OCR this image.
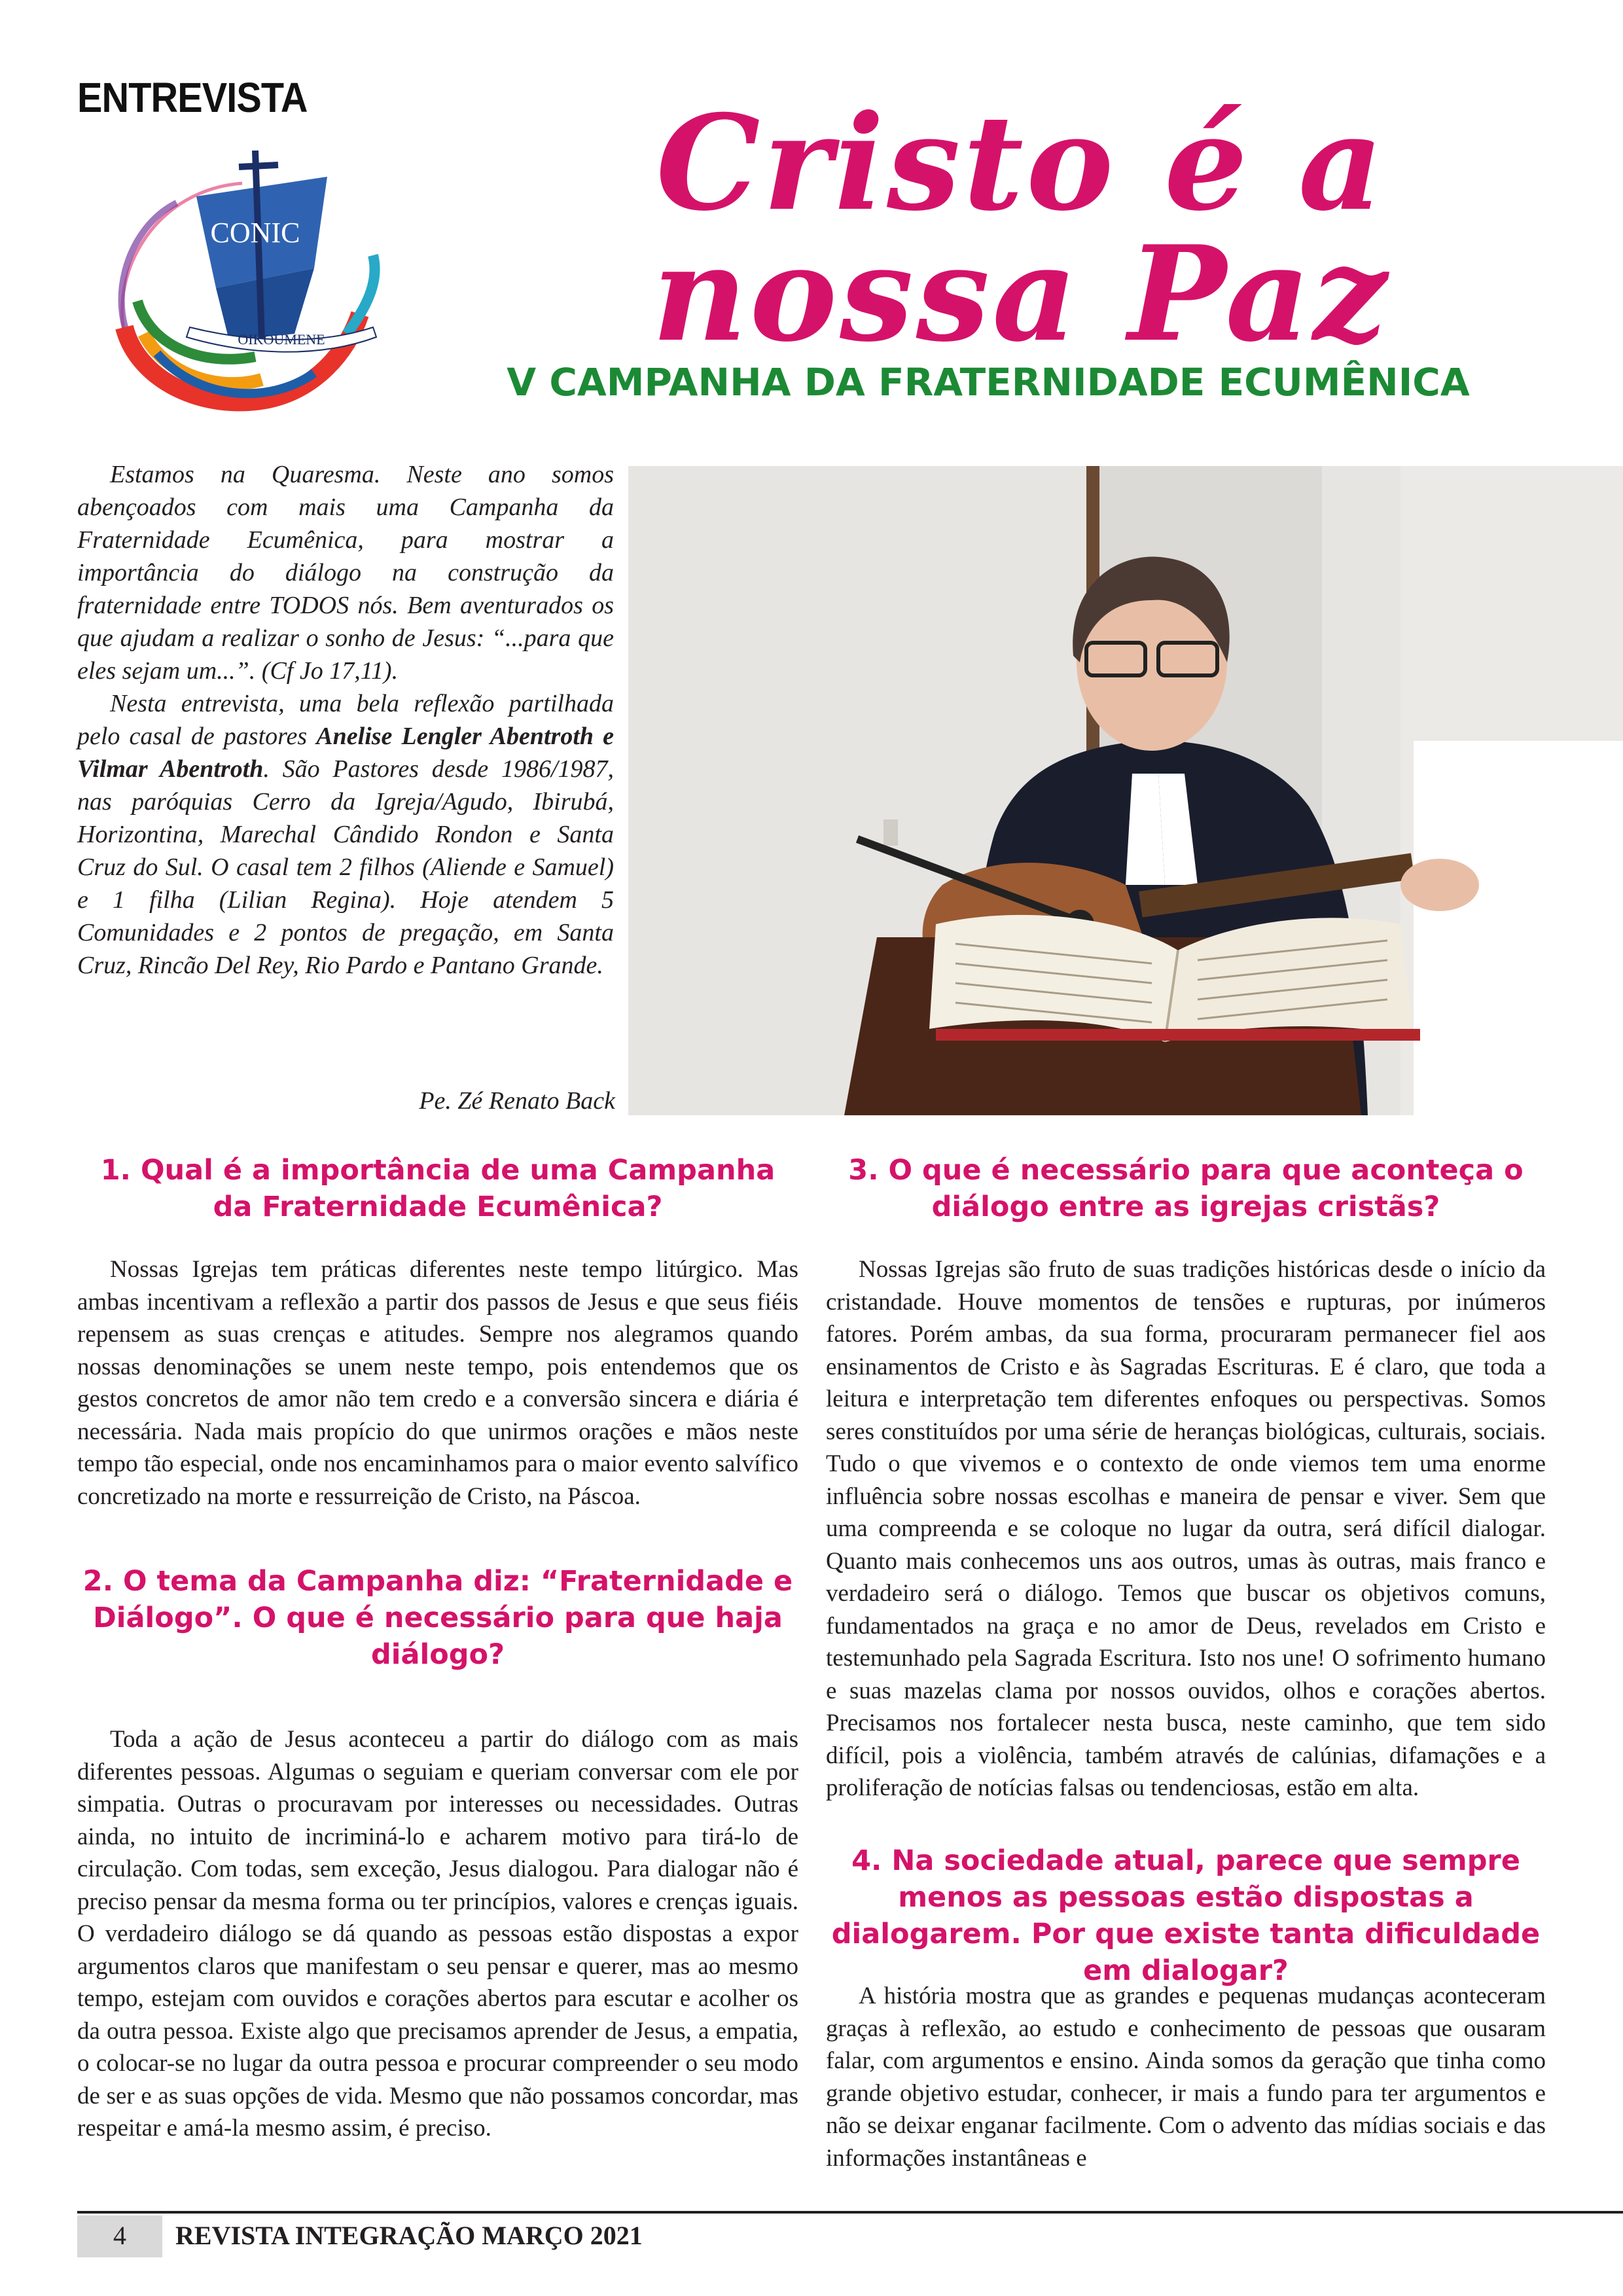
ENTREVISTA
CONIC
OIKOUMENE
Cristo é a nossa Paz
V CAMPANHA DA FRATERNIDADE ECUMÊNICA

Estamos na Quaresma. Neste ano somos abençoados com mais uma Campanha da Fraternidade Ecumênica, para mostrar a importância do diálogo na construção da fraternidade entre TODOS nós. Bem aventurados os que ajudam a realizar o sonho de Jesus: “...para que eles sejam um...”. (Cf Jo 17,11).

Nesta entrevista, uma bela reflexão partilhada pelo casal de pastores Anelise Lengler Abentroth e Vilmar Abentroth. São Pastores desde 1986/1987, nas paróquias Cerro da Igreja/Agudo, Ibirubá, Horizontina, Marechal Cândido Rondon e Santa Cruz do Sul. O casal tem 2 filhos (Aliende e Samuel) e 1 filha (Lilian Regina). Hoje atendem 5 Comunidades e 2 pontos de pregação, em Santa Cruz, Rincão Del Rey, Rio Pardo e Pantano Grande.

Pe. Zé Renato Back
1. Qual é a importância de uma Campanha da Fraternidade Ecumênica?

Nossas Igrejas tem práticas diferentes neste tempo litúrgico. Mas ambas incentivam a reflexão a partir dos passos de Jesus e que seus fiéis repensem as suas crenças e atitudes. Sempre nos alegramos quando nossas denominações se unem neste tempo, pois entendemos que os gestos concretos de amor não tem credo e a conversão sincera e diária é necessária. Nada mais propício do que unirmos orações e mãos neste tempo tão especial, onde nos encaminhamos para o maior evento salvífico concretizado na morte e ressurreição de Cristo, na Páscoa.

2. O tema da Campanha diz: “Fraternidade e Diálogo”. O que é necessário para que haja diálogo?

Toda a ação de Jesus aconteceu a partir do diálogo com as mais diferentes pessoas. Algumas o seguiam e queriam conversar com ele por simpatia. Outras o procuravam por interesses ou necessidades. Outras ainda, no intuito de incriminá-lo e acharem motivo para tirá-lo de circulação. Com todas, sem exceção, Jesus dialogou. Para dialogar não é preciso pensar da mesma forma ou ter princípios, valores e crenças iguais. O verdadeiro diálogo se dá quando as pessoas estão dispostas a expor argumentos claros que manifestam o seu pensar e querer, mas ao mesmo tempo, estejam com ouvidos e corações abertos para escutar e acolher os da outra pessoa. Existe algo que precisamos aprender de Jesus, a empatia, o colocar-se no lugar da outra pessoa e procurar compreender o seu modo de ser e as suas opções de vida. Mesmo que não possamos concordar, mas respeitar e amá-la mesmo assim, é preciso.

3. O que é necessário para que aconteça o diálogo entre as igrejas cristãs?

Nossas Igrejas são fruto de suas tradições históricas desde o início da cristandade. Houve momentos de tensões e rupturas, por inúmeros fatores. Porém ambas, da sua forma, procuraram permanecer fiel aos ensinamentos de Cristo e às Sagradas Escrituras. E é claro, que toda a leitura e interpretação tem diferentes enfoques ou perspectivas. Somos seres constituídos por uma série de heranças biológicas, culturais, sociais. Tudo o que vivemos e o contexto de onde viemos tem uma enorme influência sobre nossas escolhas e maneira de pensar e viver. Sem que uma compreenda e se coloque no lugar da outra, será difícil dialogar. Quanto mais conhecemos uns aos outros, umas às outras, mais franco e verdadeiro será o diálogo. Temos que buscar os objetivos comuns, fundamentados na graça e no amor de Deus, revelados em Cristo e testemunhado pela Sagrada Escritura. Isto nos une! O sofrimento humano e suas mazelas clama por nossos ouvidos, olhos e corações abertos. Precisamos nos fortalecer nesta busca, neste caminho, que tem sido difícil, pois a violência, também através de calúnias, difamações e a proliferação de notícias falsas ou tendenciosas, estão em alta.

4. Na sociedade atual, parece que sempre menos as pessoas estão dispostas a dialogarem. Por que existe tanta dificuldade em dialogar?

A história mostra que as grandes e pequenas mudanças aconteceram graças à reflexão, ao estudo e conhecimento de pessoas que ousaram falar, com argumentos e ensino. Ainda somos da geração que tinha como grande objetivo estudar, conhecer, ir mais a fundo para ter argumentos e não se deixar enganar facilmente. Com o advento das mídias sociais e das informações instantâneas e

4	REVISTA INTEGRAÇÃO MARÇO 2021
